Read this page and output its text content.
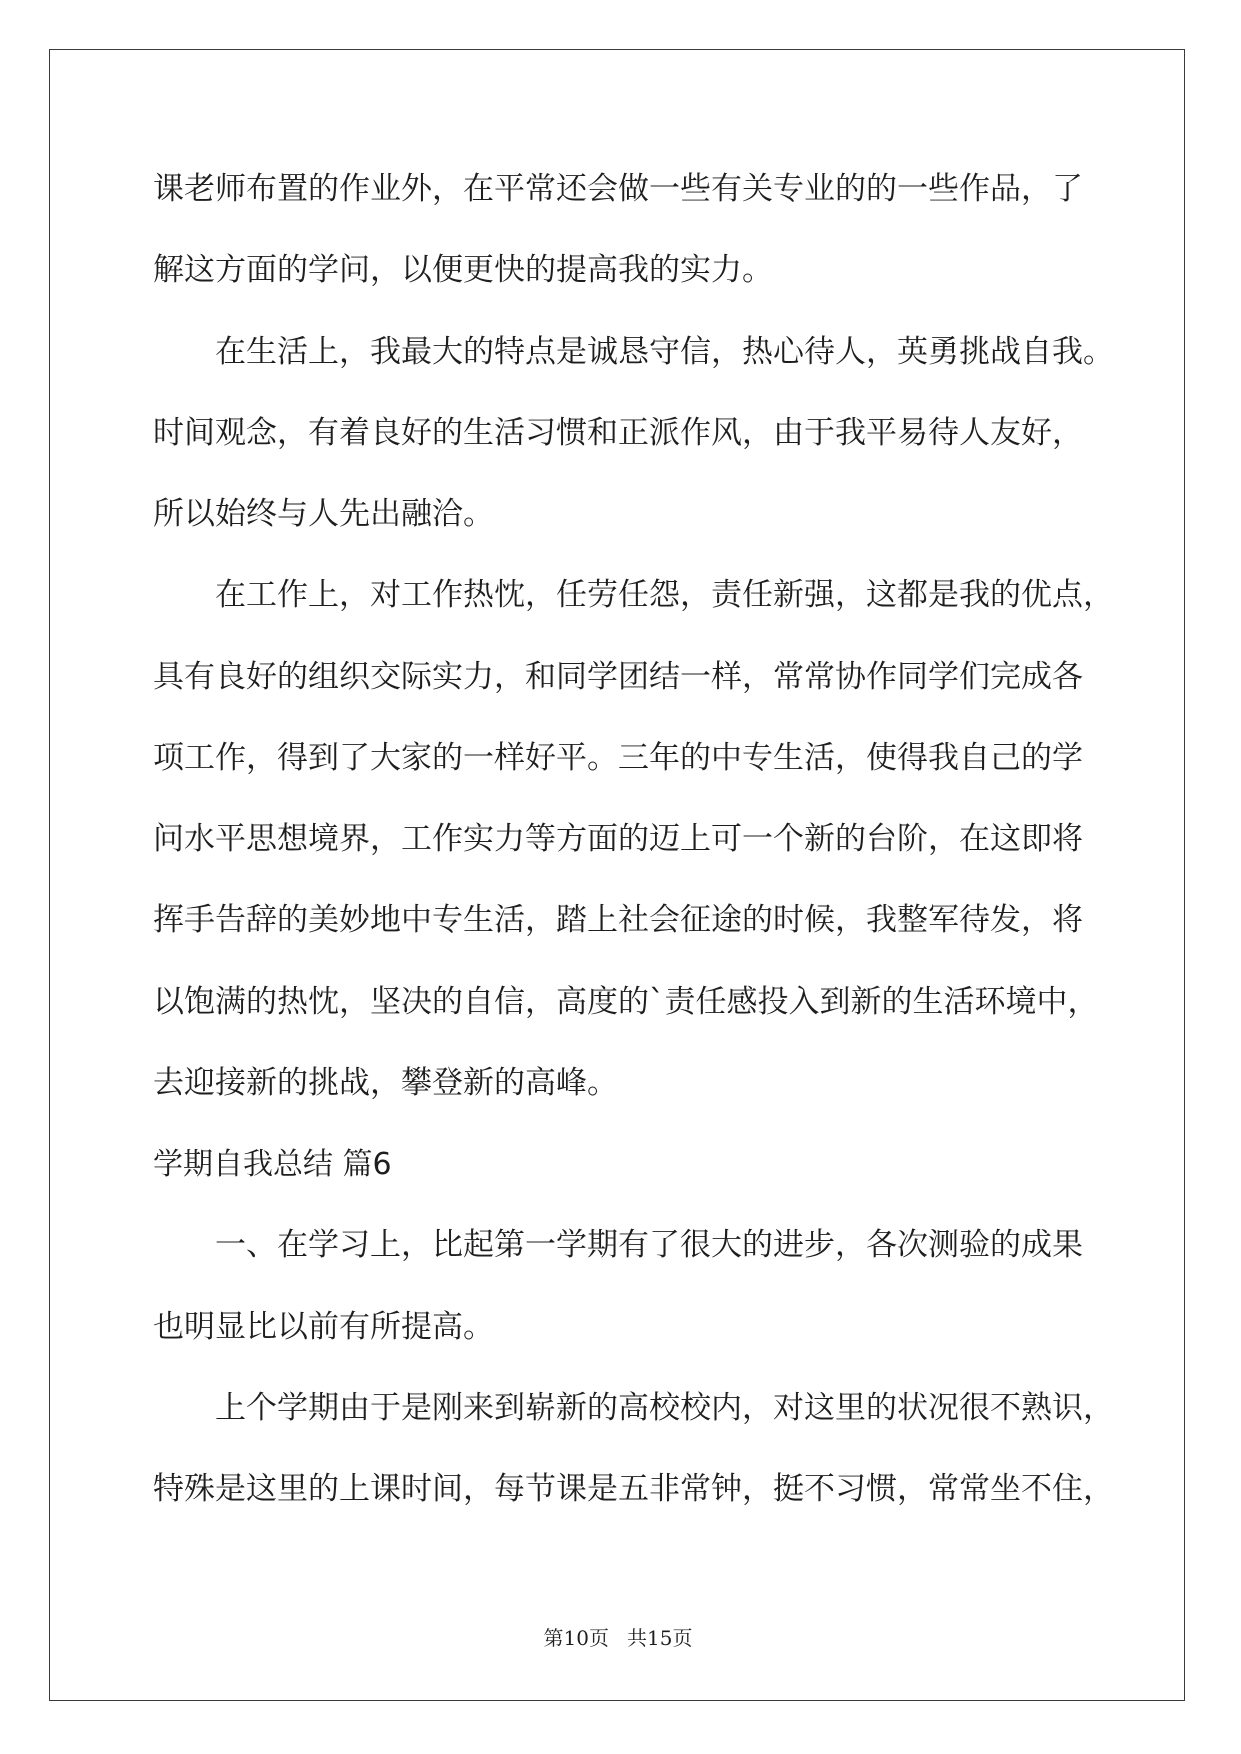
课老师布置的作业外，在平常还会做一些有关专业的的一些作品，了
解这方面的学问，以便更快的提高我的实力。
在生活上，我最大的特点是诚恳守信，热心待人，英勇挑战自我。
时间观念，有着良好的生活习惯和正派作风，由于我平易待人友好，
所以始终与人先出融洽。
在工作上，对工作热忱，任劳任怨，责任新强，这都是我的优点，
具有良好的组织交际实力，和同学团结一样，常常协作同学们完成各
项工作，得到了大家的一样好平。三年的中专生活，使得我自己的学
问水平思想境界，工作实力等方面的迈上可一个新的台阶，在这即将
挥手告辞的美妙地中专生活，踏上社会征途的时候，我整军待发，将
以饱满的热忱，坚决的自信，高度的`责任感投入到新的生活环境中，
去迎接新的挑战，攀登新的高峰。
学期自我总结 篇6
一、在学习上，比起第一学期有了很大的进步，各次测验的成果
也明显比以前有所提高。
上个学期由于是刚来到崭新的高校校内，对这里的状况很不熟识，
特殊是这里的上课时间，每节课是五非常钟，挺不习惯，常常坐不住，
第10页 共15页
